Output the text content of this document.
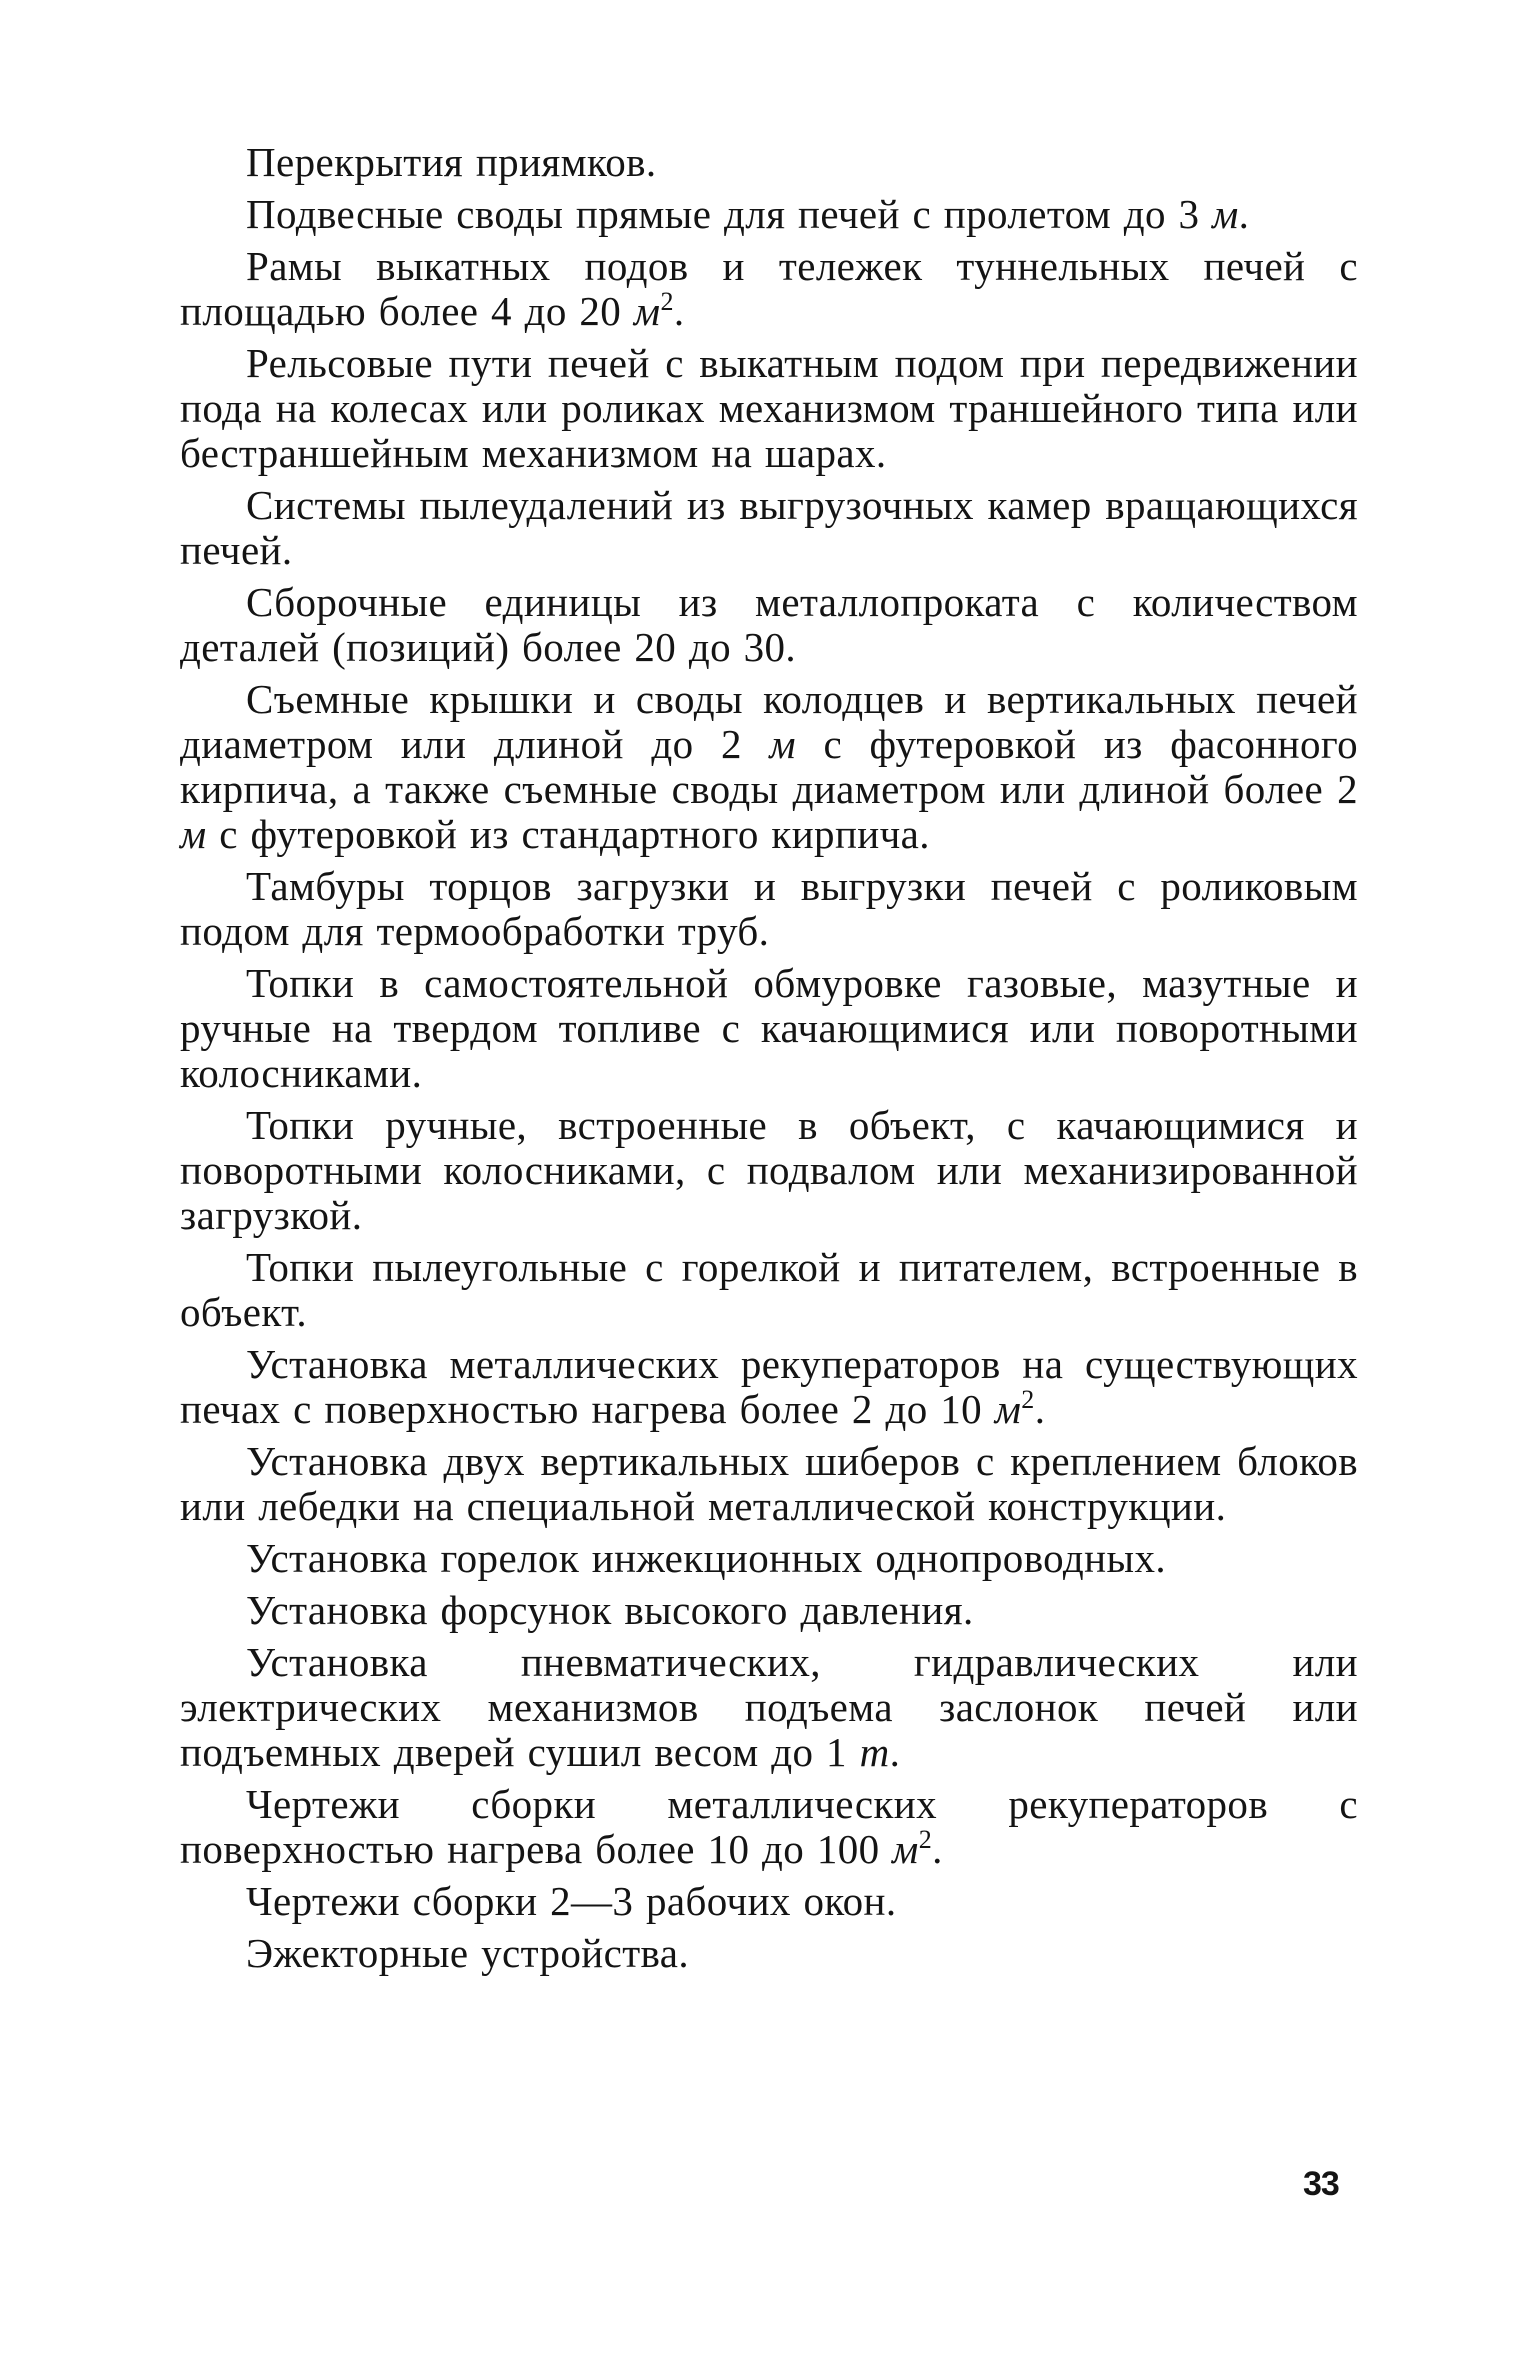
Перекрытия приямков.

Подвесные своды прямые для печей с пролетом до 3 м.

Рамы выкатных подов и тележек туннельных печей с площадью более 4 до 20 $м^2$.

Рельсовые пути печей с выкатным подом при передвижении пода на колесах или роликах механизмом траншейного типа или бестраншейным механизмом на шарах.

Системы пылеудалений из выгрузочных камер вращающихся печей.

Сборочные единицы из металлопроката с количеством деталей (позиций) более 20 до 30.

Съемные крышки и своды колодцев и вертикальных печей диаметром или длиной до 2 м с футеровкой из фасонного кирпича, а также съемные своды диаметром или длиной более 2 м с футеровкой из стандартного кирпича.

Тамбуры торцов загрузки и выгрузки печей с роликовым подом для термообработки труб.

Топки в самостоятельной обмуровке газовые, мазутные и ручные на твердом топливе с качающимися или поворотными колосниками.

Топки ручные, встроенные в объект, с качающимися и поворотными колосниками, с подвалом или механизированной загрузкой.

Топки пылеугольные с горелкой и питателем, встроенные в объект.

Установка металлических рекуператоров на существующих печах с поверхностью нагрева более 2 до 10 $м^2$.

Установка двух вертикальных шиберов с креплением блоков или лебедки на специальной металлической конструкции.

Установка горелок инжекционных однопроводных.

Установка форсунок высокого давления.

Установка пневматических, гидравлических или электрических механизмов подъема заслонок печей или подъемных дверей сушил весом до 1 т.

Чертежи сборки металлических рекуператоров с поверхностью нагрева более 10 до 100 $м^2$.

Чертежи сборки 2—3 рабочих окон.

Эжекторные устройства.

33
